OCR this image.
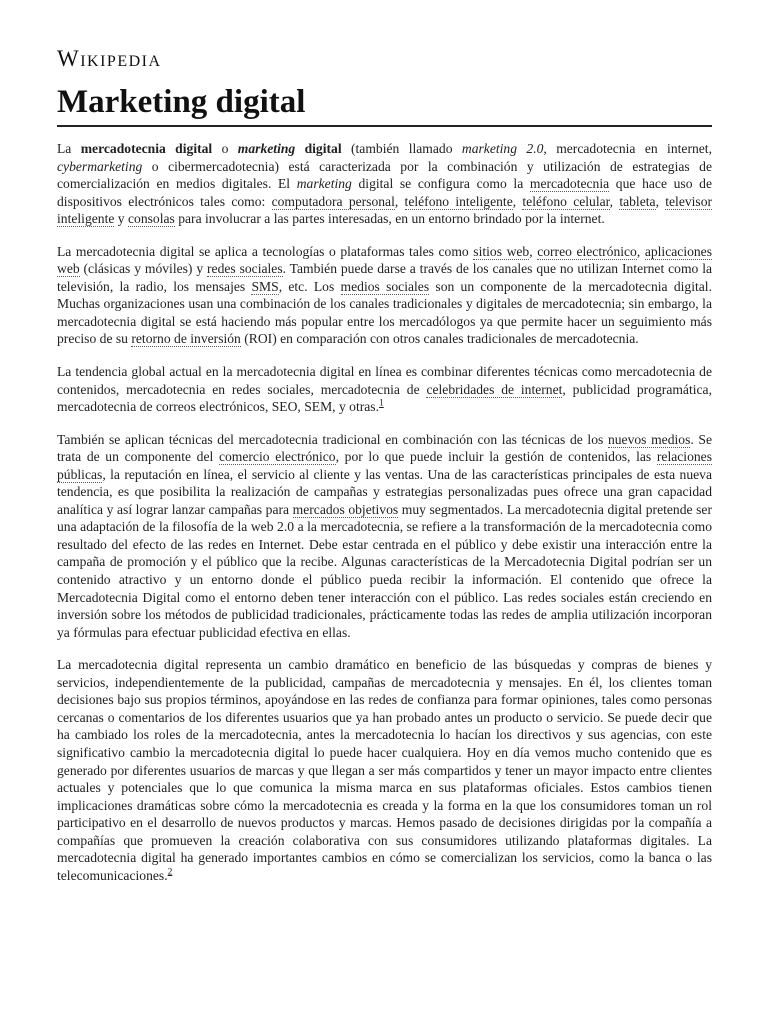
Wikipedia
Marketing digital

La mercadotecnia digital o marketing digital (también llamado marketing 2.0, mercadotecnia en internet, cybermarketing o cibermercadotecnia) está caracterizada por la combinación y utilización de estrategias de comercialización en medios digitales. El marketing digital se configura como la mercadotecnia que hace uso de dispositivos electrónicos tales como: computadora personal, teléfono inteligente, teléfono celular, tableta, televisor inteligente y consolas para involucrar a las partes interesadas, en un entorno brindado por la internet.

La mercadotecnia digital se aplica a tecnologías o plataformas tales como sitios web, correo electrónico, aplicaciones web (clásicas y móviles) y redes sociales. También puede darse a través de los canales que no utilizan Internet como la televisión, la radio, los mensajes SMS, etc. Los medios sociales son un componente de la mercadotecnia digital. Muchas organizaciones usan una combinación de los canales tradicionales y digitales de mercadotecnia; sin embargo, la mercadotecnia digital se está haciendo más popular entre los mercadólogos ya que permite hacer un seguimiento más preciso de su retorno de inversión (ROI) en comparación con otros canales tradicionales de mercadotecnia.

La tendencia global actual en la mercadotecnia digital en línea es combinar diferentes técnicas como mercadotecnia de contenidos, mercadotecnia en redes sociales, mercadotecnia de celebridades de internet, publicidad programática, mercadotecnia de correos electrónicos, SEO, SEM, y otras.$^1$

También se aplican técnicas del mercadotecnia tradicional en combinación con las técnicas de los nuevos medios. Se trata de un componente del comercio electrónico, por lo que puede incluir la gestión de contenidos, las relaciones públicas, la reputación en línea, el servicio al cliente y las ventas. Una de las características principales de esta nueva tendencia, es que posibilita la realización de campañas y estrategias personalizadas pues ofrece una gran capacidad analítica y así lograr lanzar campañas para mercados objetivos muy segmentados. La mercadotecnia digital pretende ser una adaptación de la filosofía de la web 2.0 a la mercadotecnia, se refiere a la transformación de la mercadotecnia como resultado del efecto de las redes en Internet. Debe estar centrada en el público y debe existir una interacción entre la campaña de promoción y el público que la recibe. Algunas características de la Mercadotecnia Digital podrían ser un contenido atractivo y un entorno donde el público pueda recibir la información. El contenido que ofrece la Mercadotecnia Digital como el entorno deben tener interacción con el público. Las redes sociales están creciendo en inversión sobre los métodos de publicidad tradicionales, prácticamente todas las redes de amplia utilización incorporan ya fórmulas para efectuar publicidad efectiva en ellas.

La mercadotecnia digital representa un cambio dramático en beneficio de las búsquedas y compras de bienes y servicios, independientemente de la publicidad, campañas de mercadotecnia y mensajes. En él, los clientes toman decisiones bajo sus propios términos, apoyándose en las redes de confianza para formar opiniones, tales como personas cercanas o comentarios de los diferentes usuarios que ya han probado antes un producto o servicio. Se puede decir que ha cambiado los roles de la mercadotecnia, antes la mercadotecnia lo hacían los directivos y sus agencias, con este significativo cambio la mercadotecnia digital lo puede hacer cualquiera. Hoy en día vemos mucho contenido que es generado por diferentes usuarios de marcas y que llegan a ser más compartidos y tener un mayor impacto entre clientes actuales y potenciales que lo que comunica la misma marca en sus plataformas oficiales. Estos cambios tienen implicaciones dramáticas sobre cómo la mercadotecnia es creada y la forma en la que los consumidores toman un rol participativo en el desarrollo de nuevos productos y marcas. Hemos pasado de decisiones dirigidas por la compañía a compañías que promueven la creación colaborativa con sus consumidores utilizando plataformas digitales. La mercadotecnia digital ha generado importantes cambios en cómo se comercializan los servicios, como la banca o las telecomunicaciones.$^2$
